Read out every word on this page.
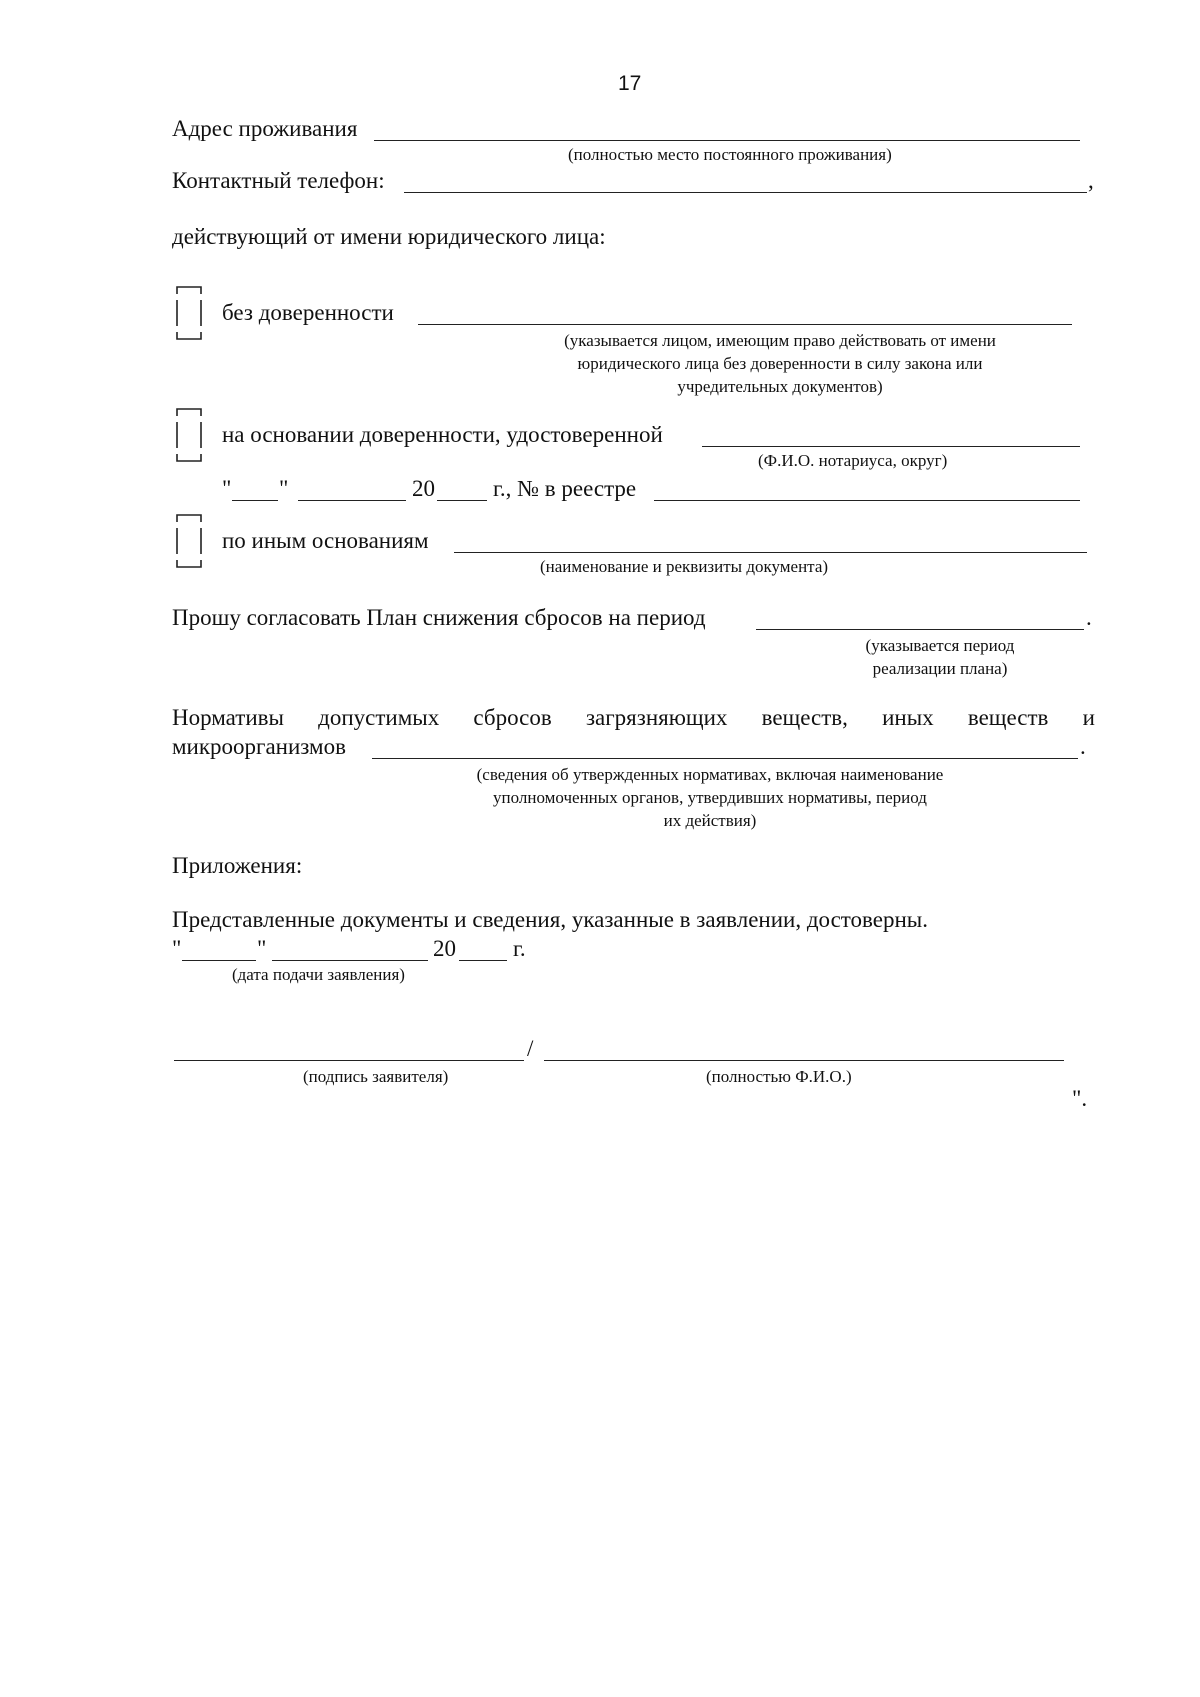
17
Адрес проживания
(полностью место постоянного проживания)
Контактный телефон:	,
действующий от имени юридического лица:
без доверенности
(указывается лицом, имеющим право действовать от имени
юридического лица без доверенности в силу закона или
учредительных документов)
на основании доверенности, удостоверенной
(Ф.И.О. нотариуса, округ)
" "	20	г., № в реестре
по иным основаниям
(наименование и реквизиты документа)
Прошу согласовать План снижения сбросов на период	.
(указывается период
реализации плана)
Нормативы допустимых сбросов загрязняющих веществ, иных веществ и
микроорганизмов	.
(сведения об утвержденных нормативах, включая наименование
уполномоченных органов, утвердивших нормативы, период
их действия)
Приложения:
Представленные документы и сведения, указанные в заявлении, достоверны.
"	"	20 г.
(дата подачи заявления)
/
(подпись заявителя)	(полностью Ф.И.О.)
".
